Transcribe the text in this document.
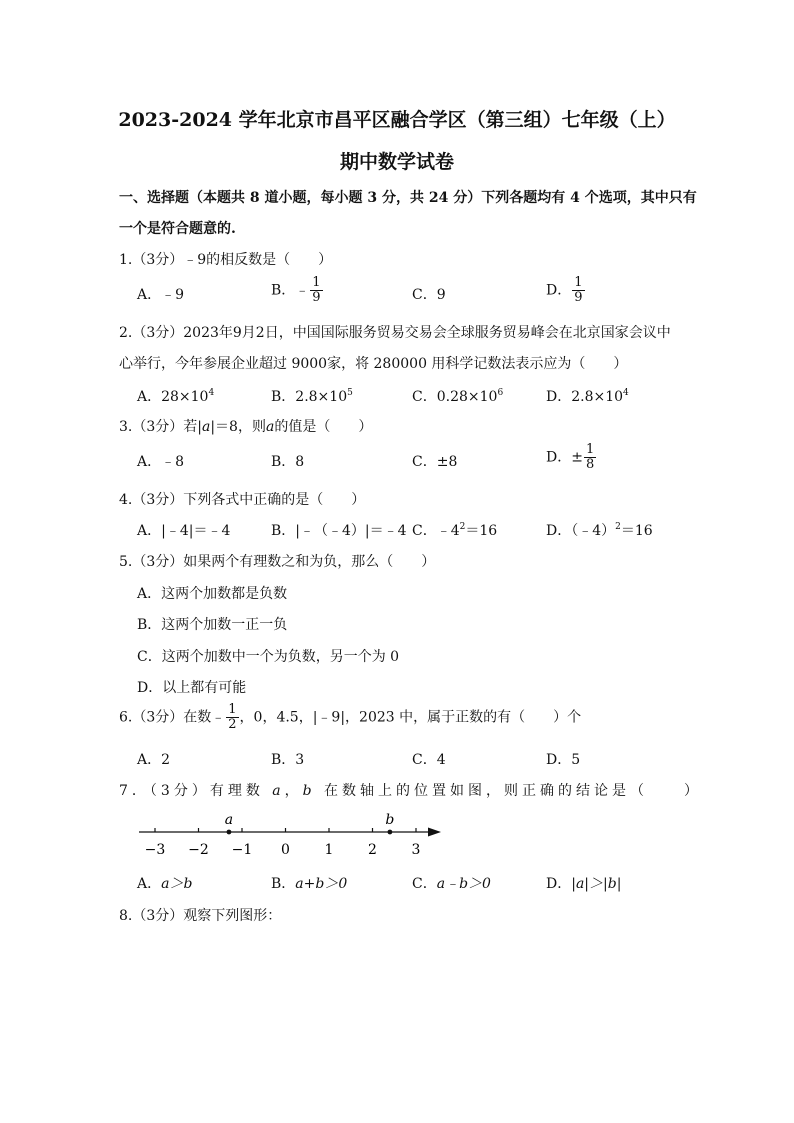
2023-2024 学年北京市昌平区融合学区（第三组）七年级（上）
期中数学试卷
一、选择题（本题共 8 道小题，每小题 3 分，共 24 分）下列各题均有 4 个选项，其中只有
一个是符合题意的.
1.（3分）﹣9的相反数是（　　）
A．﹣9	B．﹣ $\frac{1}{9}$	C．9	D． $\frac{1}{9}$
2.（3分）2023年9月2日，中国国际服务贸易交易会全球服务贸易峰会在北京国家会议中
心举行，今年参展企业超过 9000家，将 280000 用科学记数法表示应为（　　）
A．$28\times 10^4$	B．$2.8\times 10^5$	C．$0.28\times 10^6$	D．$2.8\times 10^4$
3.（3分）若|a|＝8，则a的值是（　　）
A．﹣8	B．8	C．±8	D．± $\frac{1}{8}$
4.（3分）下列各式中正确的是（　　）
A．|﹣4|＝﹣4	B．|﹣（﹣4）|＝﹣4 C．$﹣4^2=16$	D．（﹣4）$^2$＝16
5.（3分）如果两个有理数之和为负，那么（　　）
A．这两个加数都是负数
B．这两个加数一正一负
C．这两个加数中一个为负数，另一个为 0
D．以上都有可能
6.（3分）在数﹣ $\frac{1}{2}$ ，0，4.5，|﹣9|，2023 中，属于正数的有（　　）个
A．2	B．3	C．4	D．5
7．（3分）有理数 a，b 在数轴上的位置如图，则正确的结论是（　　）
−3 −2 −1 0 1 2 3
a	b
A．a＞b	B．a+b＞0	C．a﹣b＞0	D．|a|＞|b|
8.（3分）观察下列图形：
